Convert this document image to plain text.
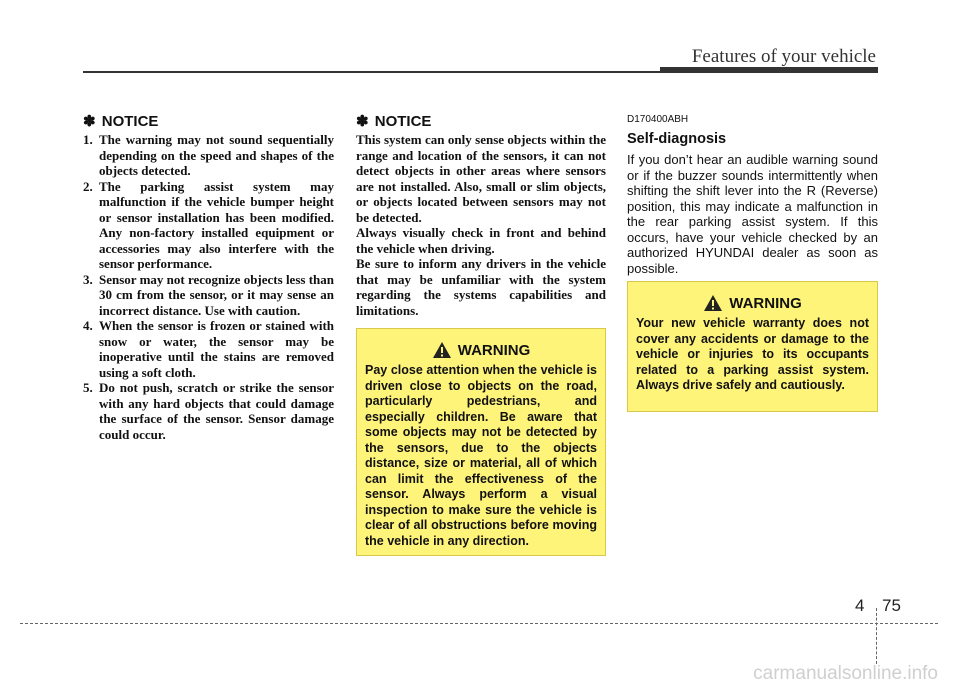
Features of your vehicle
✽ NOTICE
1. The warning may not sound sequentially depending on the speed and shapes of the objects detected.
2. The parking assist system may malfunction if the vehicle bumper height or sensor installation has been modified. Any non-factory installed equipment or accessories may also interfere with the sensor performance.
3. Sensor may not recognize objects less than 30 cm from the sensor, or it may sense an incorrect distance. Use with caution.
4. When the sensor is frozen or stained with snow or water, the sensor may be inoperative until the stains are removed using a soft cloth.
5. Do not push, scratch or strike the sensor with any hard objects that could damage the surface of the sensor. Sensor damage could occur.
✽ NOTICE

This system can only sense objects within the range and location of the sensors, it can not detect objects in other areas where sensors are not installed. Also, small or slim objects, or objects located between sensors may not be detected.

Always visually check in front and behind the vehicle when driving.

Be sure to inform any drivers in the vehicle that may be unfamiliar with the system regarding the systems capabilities and limitations.

WARNING

Pay close attention when the vehicle is driven close to objects on the road, particularly pedestrians, and especially children. Be aware that some objects may not be detected by the sensors, due to the objects distance, size or material, all of which can limit the effectiveness of the sensor. Always perform a visual inspection to make sure the vehicle is clear of all obstructions before moving the vehicle in any direction.

D170400ABH
Self-diagnosis

If you don’t hear an audible warning sound or if the buzzer sounds intermittently when shifting the shift lever into the R (Reverse) position, this may indicate a malfunction in the rear parking assist system. If this occurs, have your vehicle checked by an authorized HYUNDAI dealer as soon as possible.

WARNING

Your new vehicle warranty does not cover any accidents or damage to the vehicle or injuries to its occupants related to a parking assist system. Always drive safely and cautiously.

4 75
carmanualsonline.info
